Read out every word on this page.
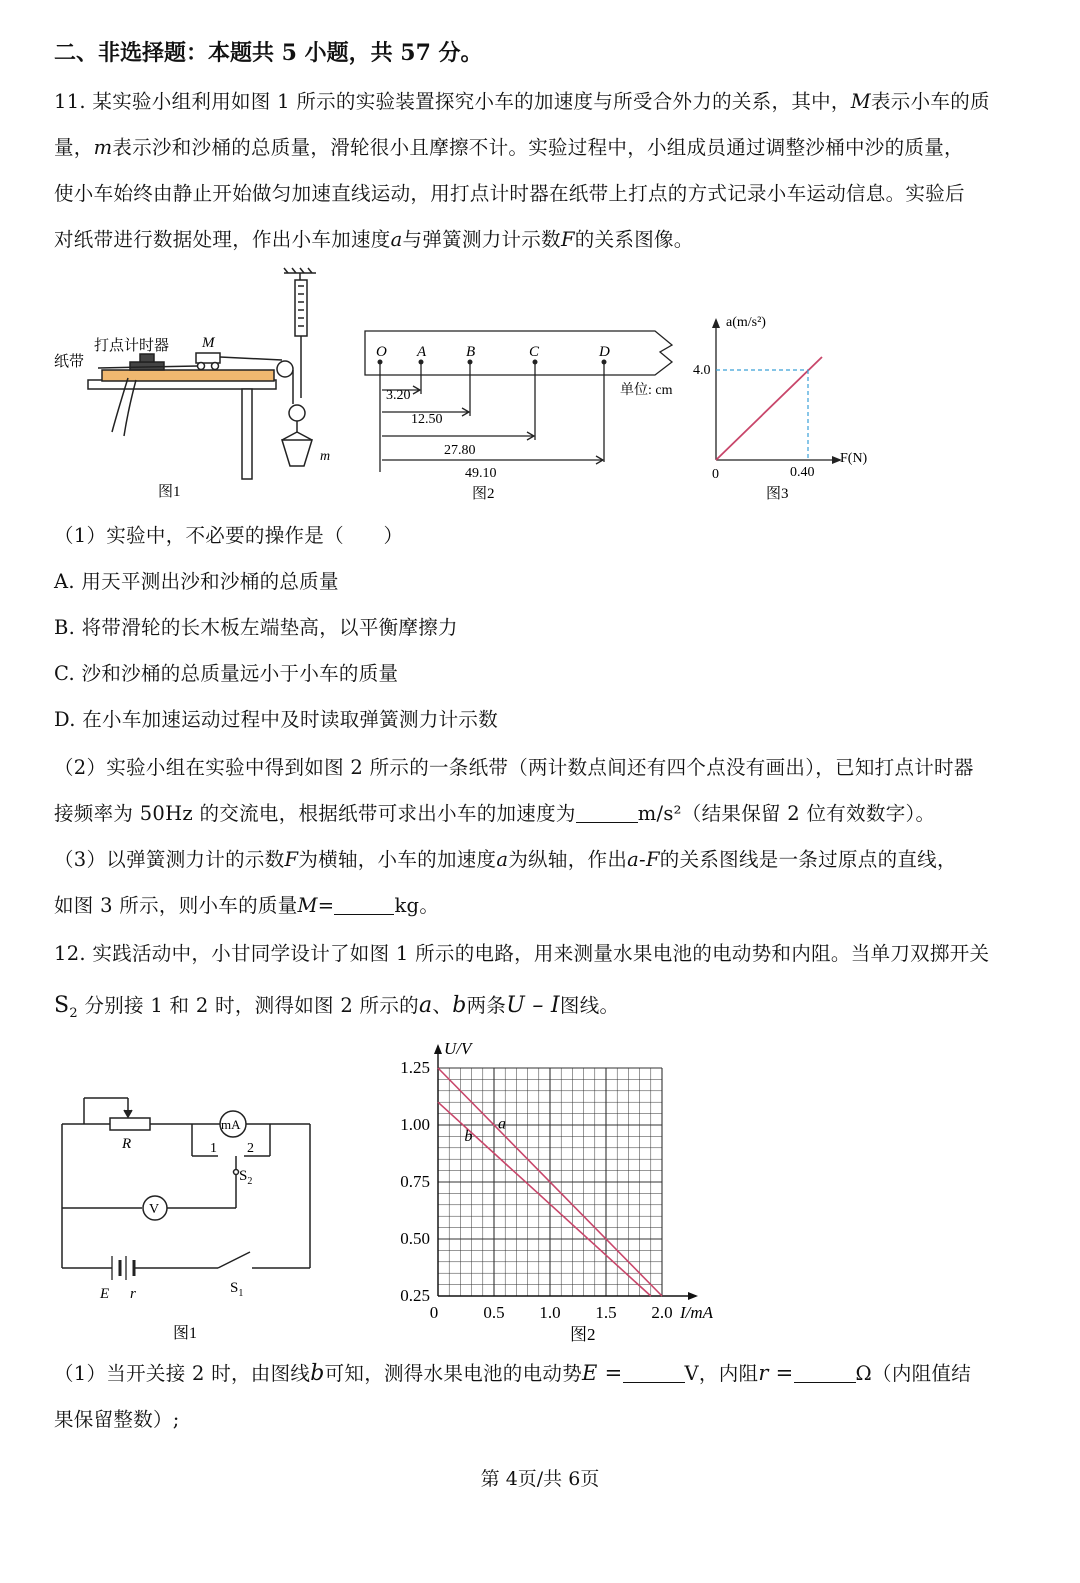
二、非选择题：本题共 5 小题，共 57 分。
11. 某实验小组利用如图 1 所示的实验装置探究小车的加速度与所受合外力的关系，其中，M表示小车的质
量，m表示沙和沙桶的总质量，滑轮很小且摩擦不计。实验过程中，小组成员通过调整沙桶中沙的质量，
使小车始终由静止开始做匀加速直线运动，用打点计时器在纸带上打点的方式记录小车运动信息。实验后
对纸带进行数据处理，作出小车加速度a与弹簧测力计示数F的关系图像。
打点计时器
纸带
M
m
图1
O A	B	C	D
3.20
12.50
27.80
49.10
单位: cm
图2
a(m/s²)
F(N)
4.0
0.40
0
图3
（1）实验中，不必要的操作是（　　）
A. 用天平测出沙和沙桶的总质量
B. 将带滑轮的长木板左端垫高，以平衡摩擦力
C. 沙和沙桶的总质量远小于小车的质量
D. 在小车加速运动过程中及时读取弹簧测力计示数
（2）实验小组在实验中得到如图 2 所示的一条纸带（两计数点间还有四个点没有画出），已知打点计时器
接频率为 50Hz 的交流电，根据纸带可求出小车的加速度为	m/s²（结果保留 2 位有效数字）。
（3）以弹簧测力计的示数F为横轴，小车的加速度a为纵轴，作出a-F的关系图线是一条过原点的直线，
如图 3 所示，则小车的质量M=	kg。
12. 实践活动中，小甘同学设计了如图 1 所示的电路，用来测量水果电池的电动势和内阻。当单刀双掷开关
$S_2$ 分别接 1 和 2 时，测得如图 2 所示的a、b两条U – I图线。
R
mA
V
1 2
$S_2$
E r	$S_1$
图1
0.25
0.50
0.75
1.00
1.25
0	0.5 1.0 1.5 2.0
U/V
I/mA
a
b
图2
（1）当开关接 2 时，由图线b可知，测得水果电池的电动势E =	V，内阻r =	Ω（内阻值结
果保留整数）;
第 4页/共 6页
